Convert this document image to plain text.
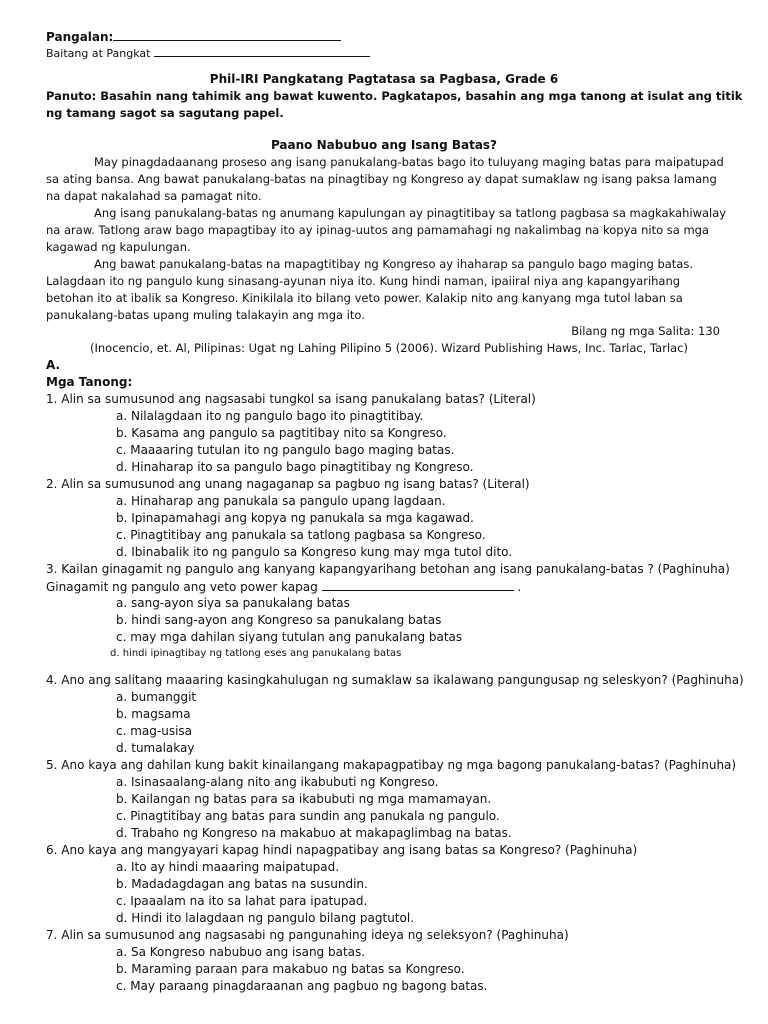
Pangalan:
Baitang at Pangkat
Phil-IRI Pangkatang Pagtatasa sa Pagbasa, Grade 6
Panuto: Basahin nang tahimik ang bawat kuwento. Pagkatapos, basahin ang mga tanong at isulat ang titik
ng tamang sagot sa sagutang papel.
Paano Nabubuo ang Isang Batas?
May pinagdadaanang proseso ang isang panukalang-batas bago ito tuluyang maging batas para maipatupad
sa ating bansa. Ang bawat panukalang-batas na pinagtibay ng Kongreso ay dapat sumaklaw ng isang paksa lamang
na dapat nakalahad sa pamagat nito.
Ang isang panukalang-batas ng anumang kapulungan ay pinagtitibay sa tatlong pagbasa sa magkakahiwalay
na araw. Tatlong araw bago mapagtibay ito ay ipinag-uutos ang pamamahagi ng nakalimbag na kopya nito sa mga
kagawad ng kapulungan.
Ang bawat panukalang-batas na mapagtitibay ng Kongreso ay ihaharap sa pangulo bago maging batas.
Lalagdaan ito ng pangulo kung sinasang-ayunan niya ito. Kung hindi naman, ipaiiral niya ang kapangyarihang
betohan ito at ibalik sa Kongreso. Kinikilala ito bilang veto power. Kalakip nito ang kanyang mga tutol laban sa
panukalang-batas upang muling talakayin ang mga ito.
Bilang ng mga Salita: 130
(Inocencio, et. Al, Pilipinas: Ugat ng Lahing Pilipino 5 (2006). Wizard Publishing Haws, Inc. Tarlac, Tarlac)
A.
Mga Tanong:
1. Alin sa sumusunod ang nagsasabi tungkol sa isang panukalang batas? (Literal)
a. Nilalagdaan ito ng pangulo bago ito pinagtitibay.
b. Kasama ang pangulo sa pagtitibay nito sa Kongreso.
c. Maaaaring tutulan ito ng pangulo bago maging batas.
d. Hinaharap ito sa pangulo bago pinagtitibay ng Kongreso.
2. Alin sa sumusunod ang unang nagaganap sa pagbuo ng isang batas? (Literal)
a. Hinaharap ang panukala sa pangulo upang lagdaan.
b. Ipinapamahagi ang kopya ng panukala sa mga kagawad.
c. Pinagtitibay ang panukala sa tatlong pagbasa sa Kongreso.
d. Ibinabalik ito ng pangulo sa Kongreso kung may mga tutol dito.
3. Kailan ginagamit ng pangulo ang kanyang kapangyarihang betohan ang isang panukalang-batas ? (Paghinuha)
Ginagamit ng pangulo ang veto power kapag	.
a. sang-ayon siya sa panukalang batas
b. hindi sang-ayon ang Kongreso sa panukalang batas
c. may mga dahilan siyang tutulan ang panukalang batas
d. hindi ipinagtibay ng tatlong eses ang panukalang batas
4. Ano ang salitang maaaring kasingkahulugan ng sumaklaw sa ikalawang pangungusap ng seleskyon? (Paghinuha)
a. bumanggit
b. magsama
c. mag-usisa
d. tumalakay
5. Ano kaya ang dahilan kung bakit kinailangang makapagpatibay ng mga bagong panukalang-batas? (Paghinuha)
a. Isinasaalang-alang nito ang ikabubuti ng Kongreso.
b. Kailangan ng batas para sa ikabubuti ng mga mamamayan.
c. Pinagtitibay ang batas para sundin ang panukala ng pangulo.
d. Trabaho ng Kongreso na makabuo at makapaglimbag na batas.
6. Ano kaya ang mangyayari kapag hindi napagpatibay ang isang batas sa Kongreso? (Paghinuha)
a. Ito ay hindi maaaring maipatupad.
b. Madadagdagan ang batas na susundin.
c. Ipaaalam na ito sa lahat para ipatupad.
d. Hindi ito lalagdaan ng pangulo bilang pagtutol.
7. Alin sa sumusunod ang nagsasabi ng pangunahing ideya ng seleksyon? (Paghinuha)
a. Sa Kongreso nabubuo ang isang batas.
b. Maraming paraan para makabuo ng batas sa Kongreso.
c. May paraang pinagdaraanan ang pagbuo ng bagong batas.
